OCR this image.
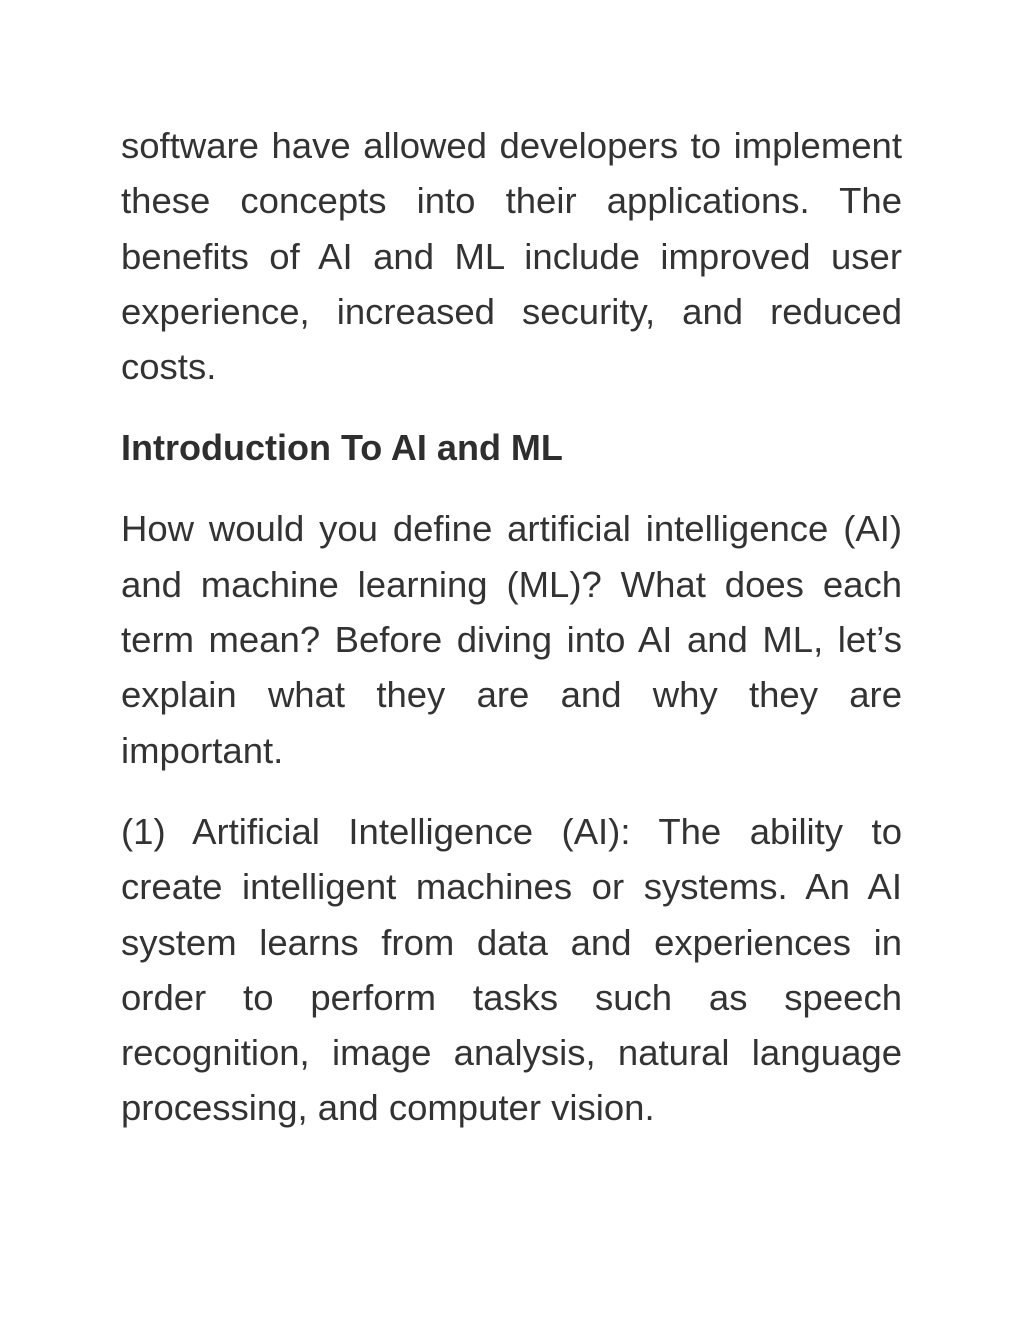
software have allowed developers to implement these concepts into their applications. The benefits of AI and ML include improved user experience, increased security, and reduced costs.

Introduction To AI and ML

How would you define artificial intelligence (AI) and machine learning (ML)? What does each term mean? Before diving into AI and ML, let’s explain what they are and why they are important.

(1) Artificial Intelligence (AI): The ability to create intelligent machines or systems. An AI system learns from data and experiences in order to perform tasks such as speech recognition, image analysis, natural language processing, and computer vision.
